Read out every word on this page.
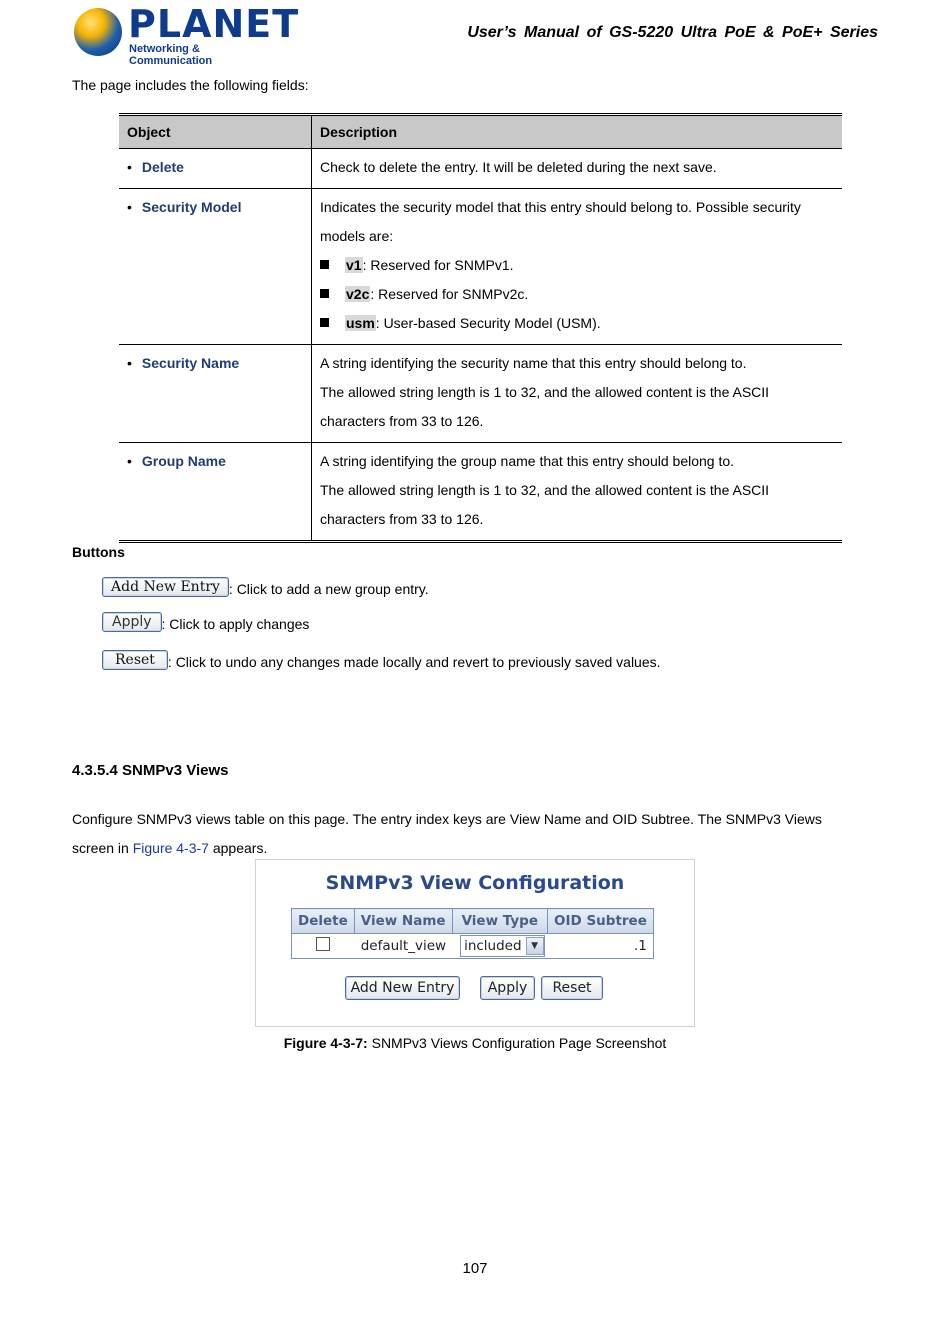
PLANET
Networking & Communication
User’s Manual of GS-5220 Ultra PoE & PoE+ Series
The page includes the following fields:
Object	Description
• Delete	Check to delete the entry. It will be deleted during the next save.
• Security Model	Indicates the security model that this entry should belong to. Possible security models are:
v1: Reserved for SNMPv1.
v2c: Reserved for SNMPv2c.
usm: User-based Security Model (USM).

• Security Name	A string identifying the security name that this entry should belong to.
The allowed string length is 1 to 32, and the allowed content is the ASCII characters from 33 to 126.

• Group Name	A string identifying the group name that this entry should belong to.
The allowed string length is 1 to 32, and the allowed content is the ASCII characters from 33 to 126.
Buttons
Add New Entry : Click to add a new group entry.
Apply : Click to apply changes
Reset : Click to undo any changes made locally and revert to previously saved values.
4.3.5.4 SNMPv3 Views
Configure SNMPv3 views table on this page. The entry index keys are View Name and OID Subtree. The SNMPv3 Views screen in Figure 4-3-7 appears.
SNMPv3 View Configuration
Delete	View Name	View Type	OID Subtree
	default_view	included ▼	.1
Add New Entry	Apply	Reset
Figure 4-3-7: SNMPv3 Views Configuration Page Screenshot
107
